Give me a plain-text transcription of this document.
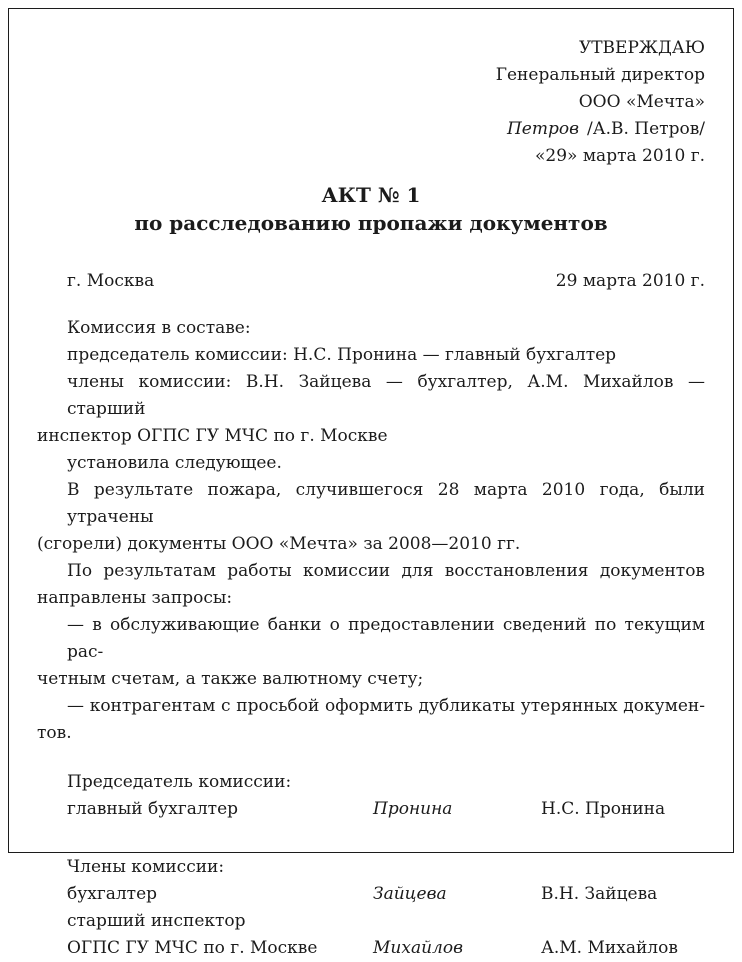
УТВЕРЖДАЮ
Генеральный директор
ООО «Мечта»
Петров /А.В. Петров/
«29» марта 2010 г.
АКТ № 1
по расследованию пропажи документов
г. Москва	29 марта 2010 г.
Комиссия в составе:
председатель комиссии: Н.С. Пронина — главный бухгалтер
члены комиссии: В.Н. Зайцева — бухгалтер, А.М. Михайлов — старший
инспектор ОГПС ГУ МЧС по г. Москве
установила следующее.
В результате пожара, случившегося 28 марта 2010 года, были утрачены
(сгорели) документы ООО «Мечта» за 2008—2010 гг.
По результатам работы комиссии для восстановления документов
направлены запросы:
— в обслуживающие банки о предоставлении сведений по текущим рас-
четным счетам, а также валютному счету;
— контрагентам с просьбой оформить дубликаты утерянных докумен-
тов.
Председатель комиссии:
главный бухгалтер	Пронина	Н.С. Пронина
Члены комиссии:
бухгалтер	Зайцева	В.Н. Зайцева
старший инспектор
ОГПС ГУ МЧС по г. Москве	Михайлов	А.М. Михайлов
